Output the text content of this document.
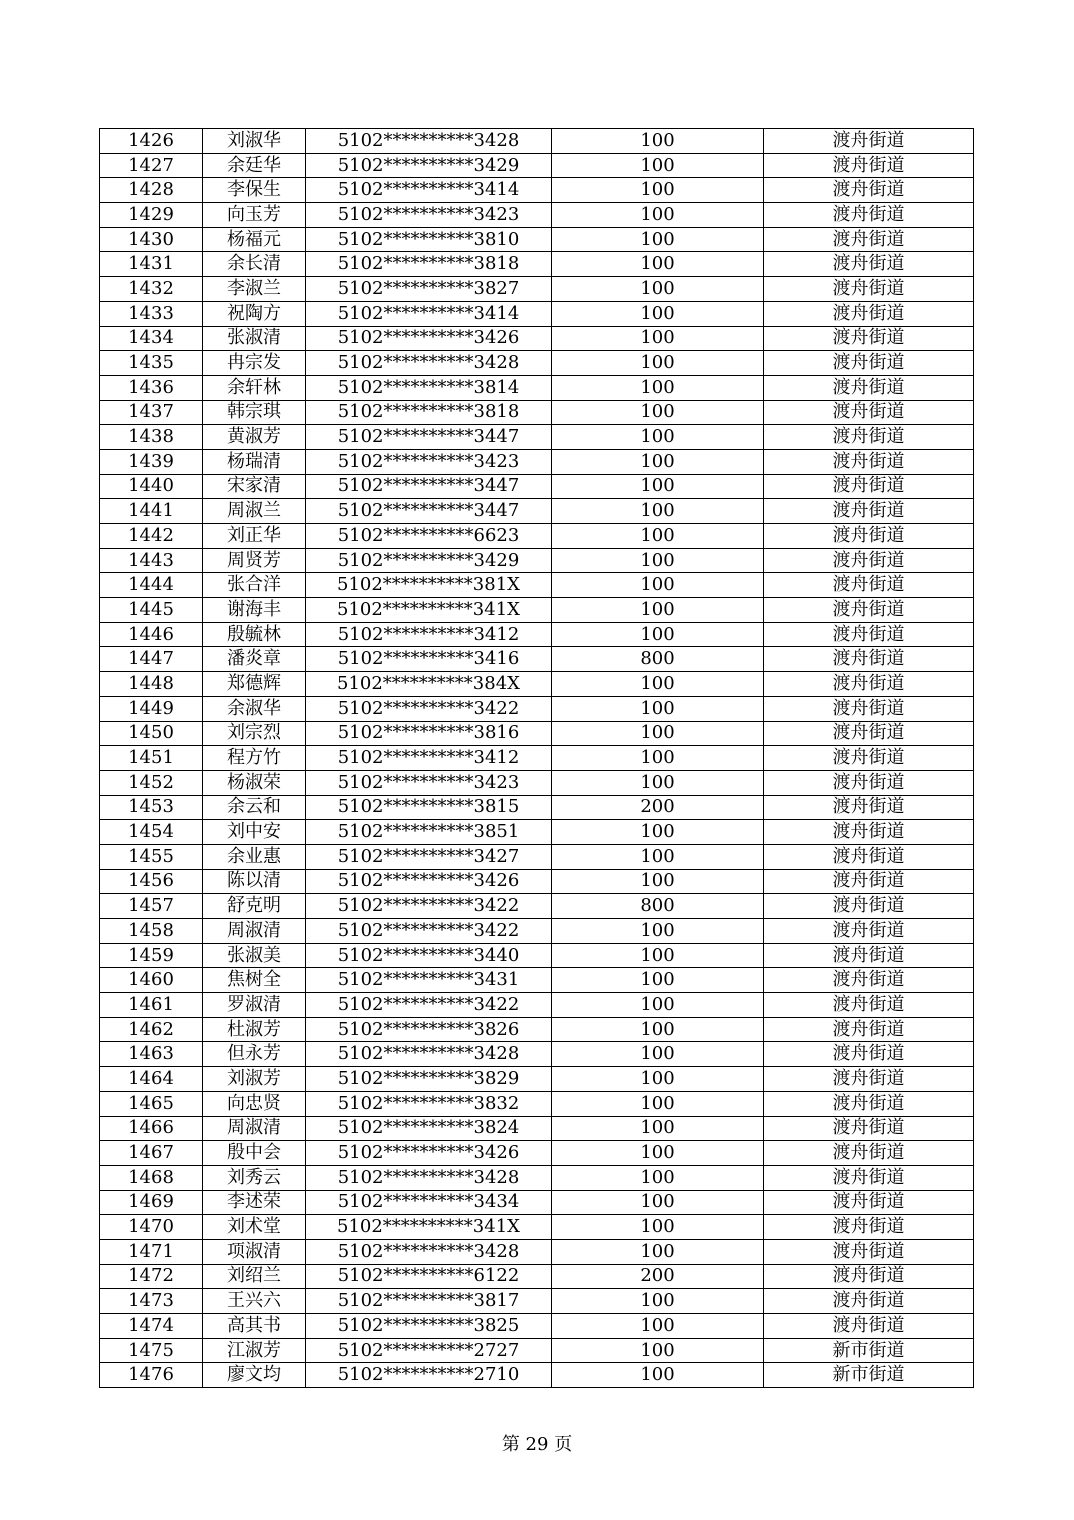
1426	刘淑华	5102**********3428	100	渡舟街道
1427	余廷华	5102**********3429	100	渡舟街道
1428	李保生	5102**********3414	100	渡舟街道
1429	向玉芳	5102**********3423	100	渡舟街道
1430	杨福元	5102**********3810	100	渡舟街道
1431	余长清	5102**********3818	100	渡舟街道
1432	李淑兰	5102**********3827	100	渡舟街道
1433	祝陶方	5102**********3414	100	渡舟街道
1434	张淑清	5102**********3426	100	渡舟街道
1435	冉宗发	5102**********3428	100	渡舟街道
1436	余轩林	5102**********3814	100	渡舟街道
1437	韩宗琪	5102**********3818	100	渡舟街道
1438	黄淑芳	5102**********3447	100	渡舟街道
1439	杨瑞清	5102**********3423	100	渡舟街道
1440	宋家清	5102**********3447	100	渡舟街道
1441	周淑兰	5102**********3447	100	渡舟街道
1442	刘正华	5102**********6623	100	渡舟街道
1443	周贤芳	5102**********3429	100	渡舟街道
1444	张合洋	5102**********381X	100	渡舟街道
1445	谢海丰	5102**********341X	100	渡舟街道
1446	殷毓林	5102**********3412	100	渡舟街道
1447	潘炎章	5102**********3416	800	渡舟街道
1448	郑德辉	5102**********384X	100	渡舟街道
1449	余淑华	5102**********3422	100	渡舟街道
1450	刘宗烈	5102**********3816	100	渡舟街道
1451	程方竹	5102**********3412	100	渡舟街道
1452	杨淑荣	5102**********3423	100	渡舟街道
1453	余云和	5102**********3815	200	渡舟街道
1454	刘中安	5102**********3851	100	渡舟街道
1455	余业惠	5102**********3427	100	渡舟街道
1456	陈以清	5102**********3426	100	渡舟街道
1457	舒克明	5102**********3422	800	渡舟街道
1458	周淑清	5102**********3422	100	渡舟街道
1459	张淑美	5102**********3440	100	渡舟街道
1460	焦树全	5102**********3431	100	渡舟街道
1461	罗淑清	5102**********3422	100	渡舟街道
1462	杜淑芳	5102**********3826	100	渡舟街道
1463	但永芳	5102**********3428	100	渡舟街道
1464	刘淑芳	5102**********3829	100	渡舟街道
1465	向忠贤	5102**********3832	100	渡舟街道
1466	周淑清	5102**********3824	100	渡舟街道
1467	殷中会	5102**********3426	100	渡舟街道
1468	刘秀云	5102**********3428	100	渡舟街道
1469	李述荣	5102**********3434	100	渡舟街道
1470	刘术堂	5102**********341X	100	渡舟街道
1471	项淑清	5102**********3428	100	渡舟街道
1472	刘绍兰	5102**********6122	200	渡舟街道
1473	王兴六	5102**********3817	100	渡舟街道
1474	高其书	5102**********3825	100	渡舟街道
1475	江淑芳	5102**********2727	100	新市街道
1476	廖文均	5102**********2710	100	新市街道
第 29 页
